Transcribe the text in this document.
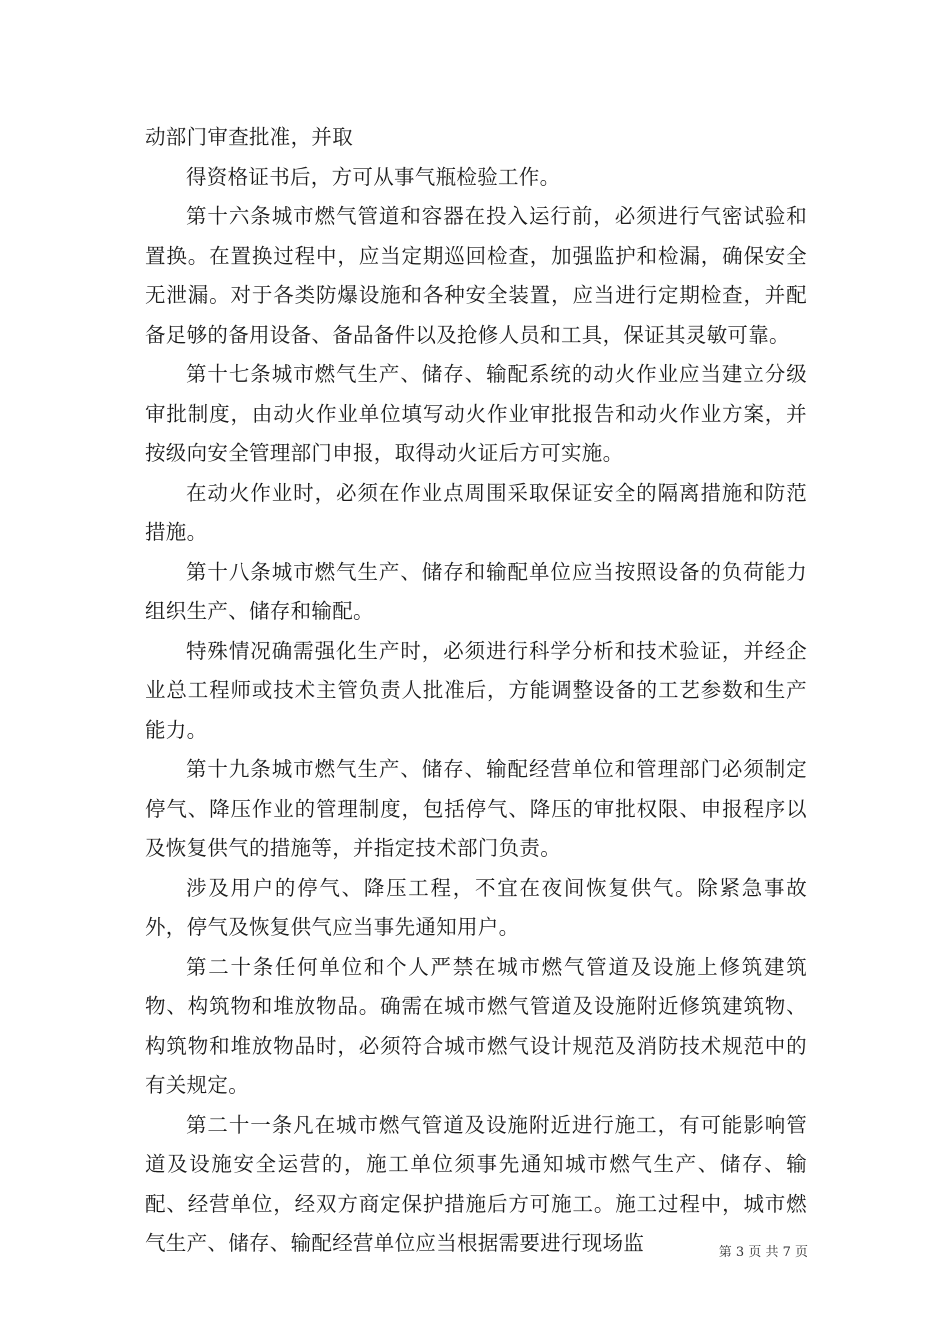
动部门审查批准，并取

得资格证书后，方可从事气瓶检验工作。

第十六条城市燃气管道和容器在投入运行前，必须进行气密试验和置换。在置换过程中，应当定期巡回检查，加强监护和检漏，确保安全无泄漏。对于各类防爆设施和各种安全装置，应当进行定期检查，并配备足够的备用设备、备品备件以及抢修人员和工具，保证其灵敏可靠。

第十七条城市燃气生产、储存、输配系统的动火作业应当建立分级审批制度，由动火作业单位填写动火作业审批报告和动火作业方案，并按级向安全管理部门申报，取得动火证后方可实施。

在动火作业时，必须在作业点周围采取保证安全的隔离措施和防范措施。

第十八条城市燃气生产、储存和输配单位应当按照设备的负荷能力组织生产、储存和输配。

特殊情况确需强化生产时，必须进行科学分析和技术验证，并经企业总工程师或技术主管负责人批准后，方能调整设备的工艺参数和生产能力。

第十九条城市燃气生产、储存、输配经营单位和管理部门必须制定停气、降压作业的管理制度，包括停气、降压的审批权限、申报程序以及恢复供气的措施等，并指定技术部门负责。

涉及用户的停气、降压工程，不宜在夜间恢复供气。除紧急事故外，停气及恢复供气应当事先通知用户。

第二十条任何单位和个人严禁在城市燃气管道及设施上修筑建筑物、构筑物和堆放物品。确需在城市燃气管道及设施附近修筑建筑物、构筑物和堆放物品时，必须符合城市燃气设计规范及消防技术规范中的有关规定。

第二十一条凡在城市燃气管道及设施附近进行施工，有可能影响管道及设施安全运营的，施工单位须事先通知城市燃气生产、储存、输配、经营单位，经双方商定保护措施后方可施工。施工过程中，城市燃气生产、储存、输配经营单位应当根据需要进行现场监	第 3 页 共 7 页
